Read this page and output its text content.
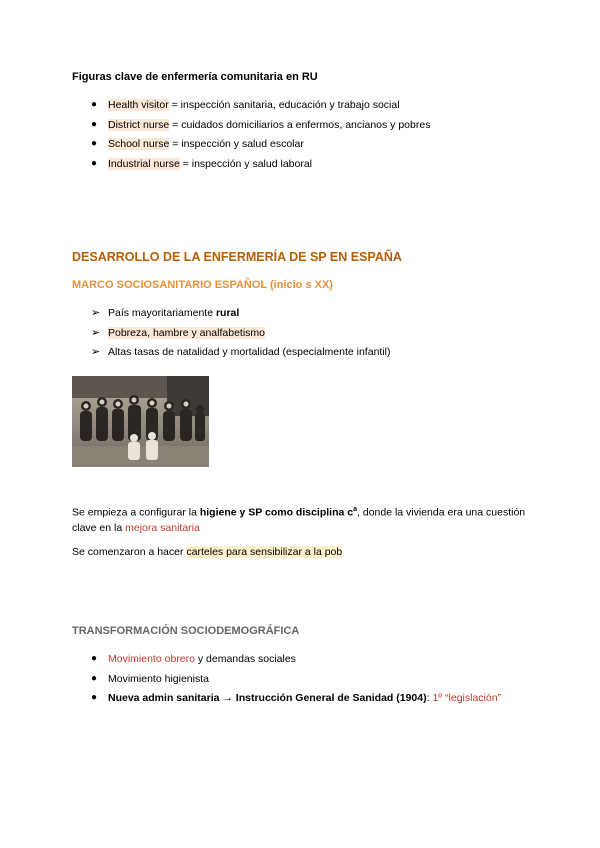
Figuras clave de enfermería comunitaria en RU
● Health visitor = inspección sanitaria, educación y trabajo social
● District nurse = cuidados domiciliarios a enfermos, ancianos y pobres
● School nurse = inspección y salud escolar
● Industrial nurse = inspección y salud laboral
DESARROLLO DE LA ENFERMERÍA DE SP EN ESPAÑA
MARCO SOCIOSANITARIO ESPAÑOL (inicio s XX)
➢ País mayoritariamente rural
➢ Pobreza, hambre y analfabetismo
➢ Altas tasas de natalidad y mortalidad (especialmente infantil)
Se empieza a configurar la higiene y SP como disciplina $c^a$, donde la vivienda era una cuestión clave en la mejora sanitaria
Se comenzaron a hacer carteles para sensibilizar a la pob
TRANSFORMACIÓN SOCIODEMOGRÁFICA
● Movimiento obrero y demandas sociales
● Movimiento higienista
● Nueva admin sanitaria → Instrucción General de Sanidad (1904): 1º “legislación”
